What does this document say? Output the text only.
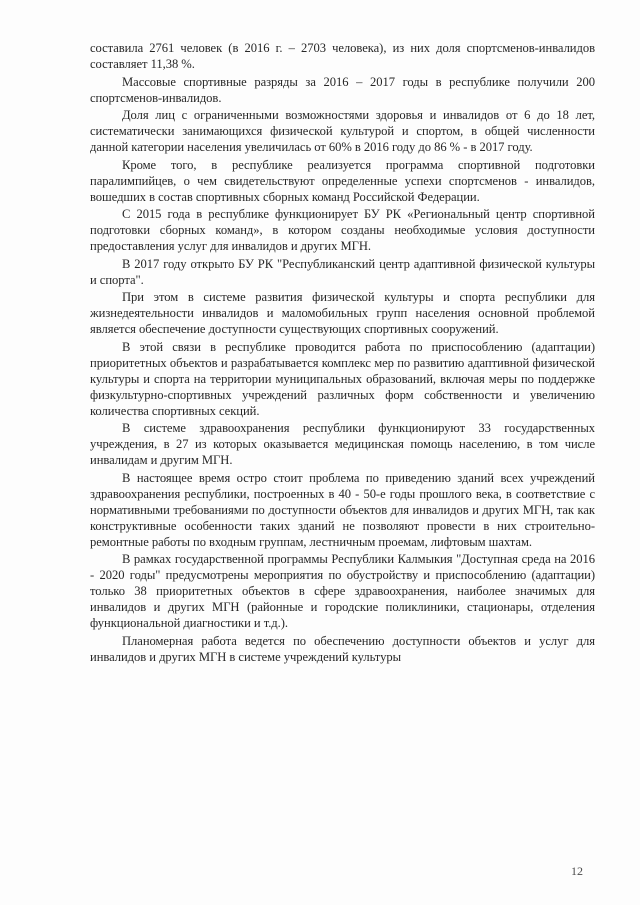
составила 2761 человек (в 2016 г. – 2703 человека), из них доля спортсменов-инвалидов составляет 11,38 %.

Массовые спортивные разряды за 2016 – 2017 годы в республике получили 200 спортсменов-инвалидов.

Доля лиц с ограниченными возможностями здоровья и инвалидов от 6 до 18 лет, систематически занимающихся физической культурой и спортом, в общей численности данной категории населения увеличилась от 60% в 2016 году до 86 % - в 2017 году.

Кроме того, в республике реализуется программа спортивной подготовки паралимпийцев, о чем свидетельствуют определенные успехи спортсменов - инвалидов, вошедших в состав спортивных сборных команд Российской Федерации.

С 2015 года в республике функционирует БУ РК «Региональный центр спортивной подготовки сборных команд», в котором созданы необходимые условия доступности предоставления услуг для инвалидов и других МГН.

В 2017 году открыто БУ РК "Республиканский центр адаптивной физической культуры и спорта".

При этом в системе развития физической культуры и спорта республики для жизнедеятельности инвалидов и маломобильных групп населения основной проблемой является обеспечение доступности существующих спортивных сооружений.

В этой связи в республике проводится работа по приспособлению (адаптации) приоритетных объектов и разрабатывается комплекс мер по развитию адаптивной физической культуры и спорта на территории муниципальных образований, включая меры по поддержке физкультурно-спортивных учреждений различных форм собственности и увеличению количества спортивных секций.

В системе здравоохранения республики функционируют 33 государственных учреждения, в 27 из которых оказывается медицинская помощь населению, в том числе инвалидам и другим МГН.

В настоящее время остро стоит проблема по приведению зданий всех учреждений здравоохранения республики, построенных в 40 - 50-е годы прошлого века, в соответствие с нормативными требованиями по доступности объектов для инвалидов и других МГН, так как конструктивные особенности таких зданий не позволяют провести в них строительно-ремонтные работы по входным группам, лестничным проемам, лифтовым шахтам.

В рамках государственной программы Республики Калмыкия "Доступная среда на 2016 - 2020 годы" предусмотрены мероприятия по обустройству и приспособлению (адаптации) только 38 приоритетных объектов в сфере здравоохранения, наиболее значимых для инвалидов и других МГН (районные и городские поликлиники, стационары, отделения функциональной диагностики и т.д.).

Планомерная работа ведется по обеспечению доступности объектов и услуг для инвалидов и других МГН в системе учреждений культуры

12
